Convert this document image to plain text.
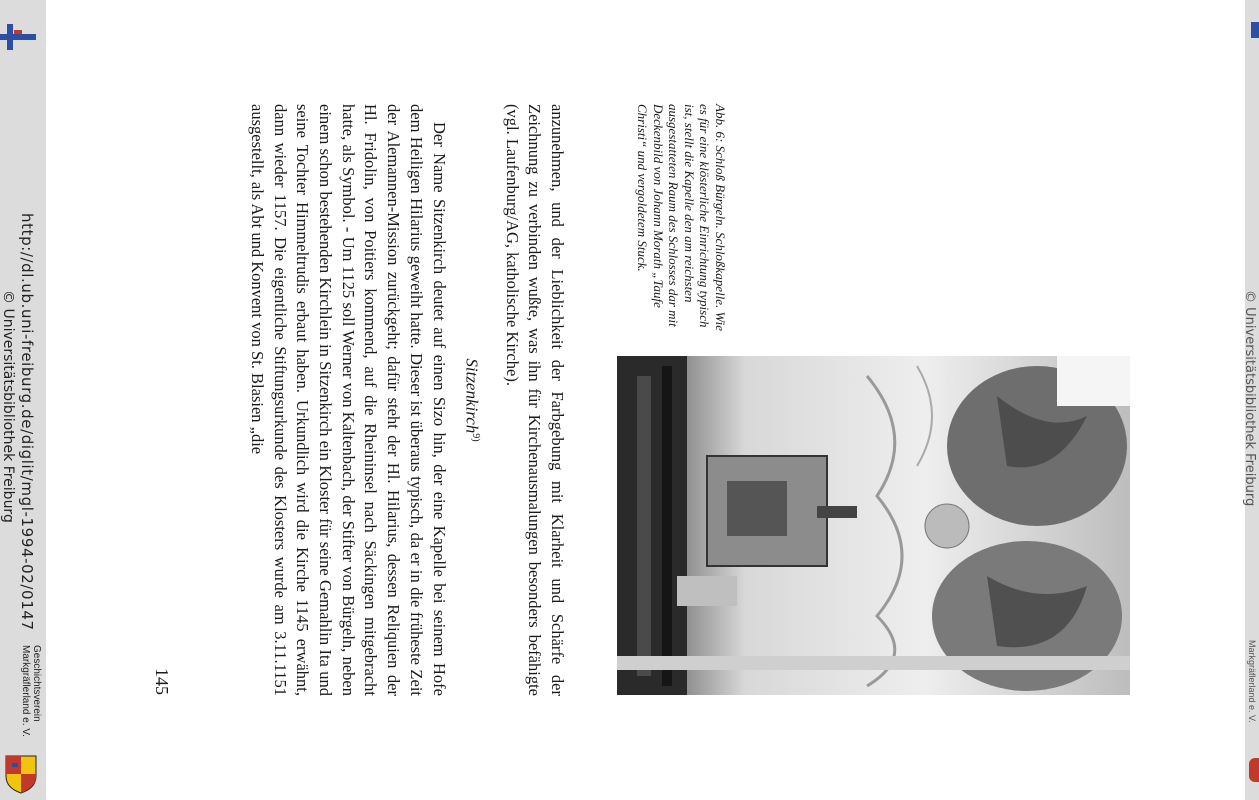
http://dl.ub.uni-freiburg.de/diglit/mgl-1994-02/0147
© Universitätsbibliothek Freiburg
Geschichtsverein
Markgräflerland e. V.
© Universitätsbibliothek Freiburg
Markgräflerland e. V.
145
Abb. 6: Schloß Bürgeln. Schloßkapelle. Wie es für eine klösterliche Einrichtung typisch ist, stellt die Kapelle den am reichsten ausgestatteten Raum des Schlosses dar mit Deckenbild von Johann Morath „Taufe Christi“ und vergoldetem Stuck.

anzunehmen, und der Lieblichkeit der Farbgebung mit Klarheit und Schärfe der Zeichnung zu verbinden wußte, was ihn für Kirchenausmalungen besonders befähigte (vgl. Laufenburg/AG, katholische Kirche).

Sitzenkirch$^{9)}$

Der Name Sitzenkirch deutet auf einen Sizo hin, der eine Kapelle bei seinem Hofe dem Heiligen Hilarius geweiht hatte. Dieser ist überaus typisch, da er in die früheste Zeit der Alemannen-Mission zurückgeht; dafür steht der Hl. Hilarius, dessen Reliquien der Hl. Fridolin, von Poitiers kommend, auf die Rheininsel nach Säckingen mitgebracht hatte, als Symbol. - Um 1125 soll Werner von Kaltenbach, der Stifter von Bürgeln, neben einem schon bestehenden Kirchlein in Sitzenkirch ein Kloster für seine Gemahlin Ita und seine Tochter Himmeltrudis erbaut haben. Urkundlich wird die Kirche 1145 erwähnt, dann wieder 1157. Die eigentliche Stiftungsurkunde des Klosters wurde am 3.11.1151 ausgestellt, als Abt und Konvent von St. Blasien „die
